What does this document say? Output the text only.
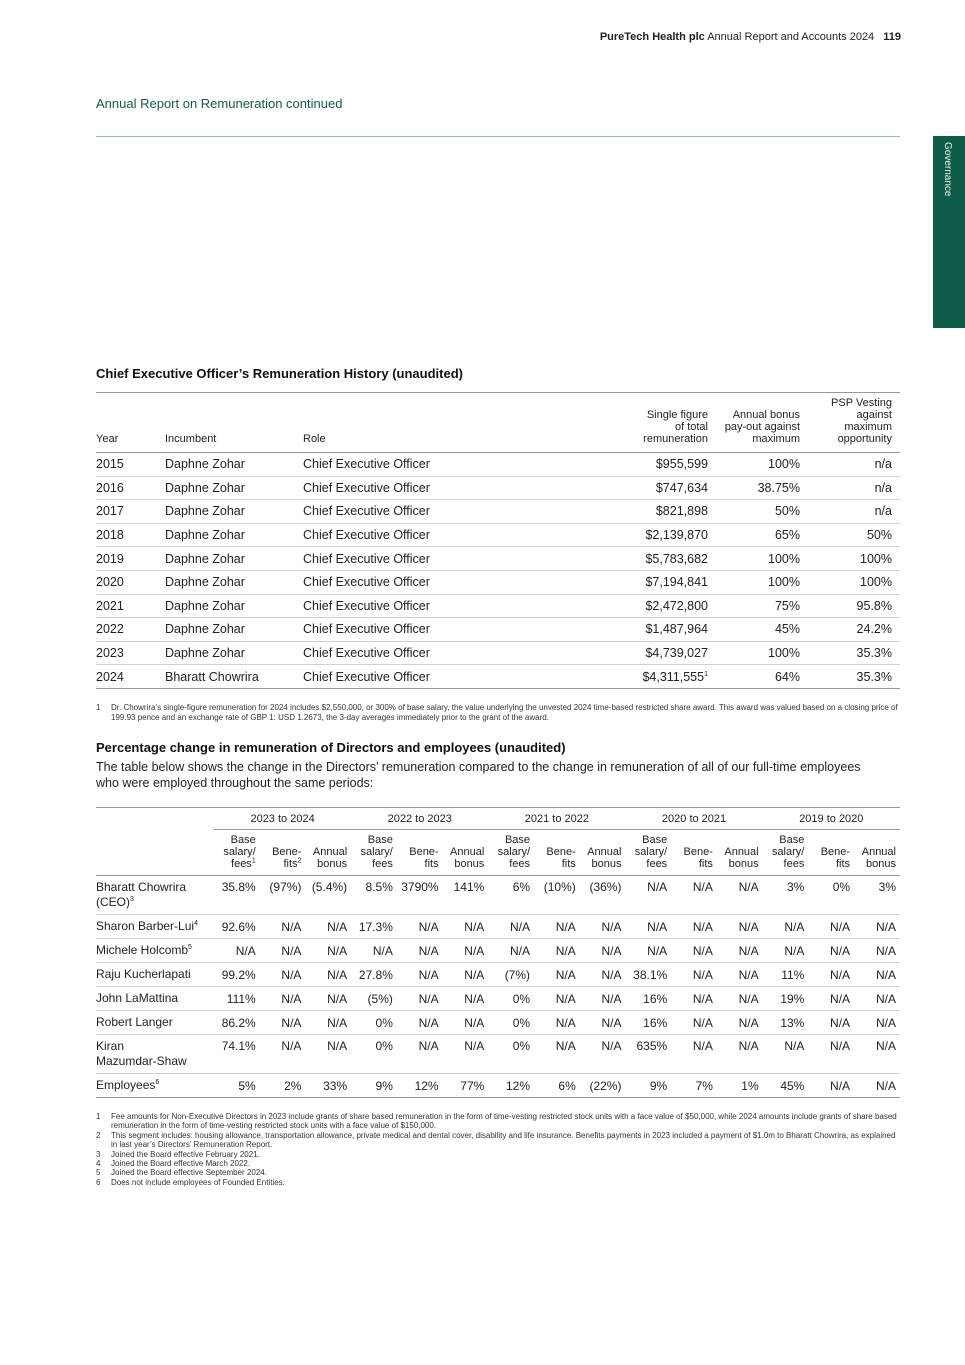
PureTech Health plc Annual Report and Accounts 2024 119
Annual Report on Remuneration continued
Governance
Chief Executive Officer’s Remuneration History (unaudited)
Year	Incumbent	Role	Single figure
of total
remuneration	Annual bonus
pay-out against
maximum	PSP Vesting
against
maximum
opportunity
2015	Daphne Zohar	Chief Executive Officer	$955,599	100%	n/a
2016	Daphne Zohar	Chief Executive Officer	$747,634	38.75%	n/a
2017	Daphne Zohar	Chief Executive Officer	$821,898	50%	n/a
2018	Daphne Zohar	Chief Executive Officer	$2,139,870	65%	50%
2019	Daphne Zohar	Chief Executive Officer	$5,783,682	100%	100%
2020	Daphne Zohar	Chief Executive Officer	$7,194,841	100%	100%
2021	Daphne Zohar	Chief Executive Officer	$2,472,800	75%	95.8%
2022	Daphne Zohar	Chief Executive Officer	$1,487,964	45%	24.2%
2023	Daphne Zohar	Chief Executive Officer	$4,739,027	100%	35.3%
2024	Bharatt Chowrira	Chief Executive Officer	$4,311,555$^1$	64%	35.3%
1	Dr. Chowrira’s single-figure remuneration for 2024 includes $2,550,000, or 300% of base salary, the value underlying the unvested 2024 time-based restricted share award. This award was valued based on a closing price of 199.93 pence and an exchange rate of GBP 1: USD 1.2673, the 3-day averages immediately prior to the grant of the award.
Percentage change in remuneration of Directors and employees (unaudited)
The table below shows the change in the Directors’ remuneration compared to the change in remuneration of all of our full-time employees who were employed throughout the same periods:
	2023 to 2024			2022 to 2023			2021 to 2022			2020 to 2021			2019 to 2020		
	Base
salary/
fees$^1$	Bene-
fits$^2$	Annual
bonus	Base
salary/
fees	Bene-
fits	Annual
bonus	Base
salary/
fees	Bene-
fits	Annual
bonus	Base
salary/
fees	Bene-
fits	Annual
bonus	Base
salary/
fees	Bene-
fits	Annual
bonus
Bharatt Chowrira
(CEO)$^3$	35.8%	(97%)	(5.4%)	8.5%	3790%	141%	6%	(10%)	(36%)	N/A	N/A	N/A	3%	0%	3%
Sharon Barber-Lui$^4$	92.6%	N/A	N/A	17.3%	N/A	N/A	N/A	N/A	N/A	N/A	N/A	N/A	N/A	N/A	N/A
Michele Holcomb$^5$	N/A	N/A	N/A	N/A	N/A	N/A	N/A	N/A	N/A	N/A	N/A	N/A	N/A	N/A	N/A
Raju Kucherlapati	99.2%	N/A	N/A	27.8%	N/A	N/A	(7%)	N/A	N/A	38.1%	N/A	N/A	11%	N/A	N/A
John LaMattina	111%	N/A	N/A	(5%)	N/A	N/A	0%	N/A	N/A	16%	N/A	N/A	19%	N/A	N/A
Robert Langer	86.2%	N/A	N/A	0%	N/A	N/A	0%	N/A	N/A	16%	N/A	N/A	13%	N/A	N/A
Kiran
Mazumdar-Shaw	74.1%	N/A	N/A	0%	N/A	N/A	0%	N/A	N/A	635%	N/A	N/A	N/A	N/A	N/A
Employees$^6$	5%	2%	33%	9%	12%	77%	12%	6%	(22%)	9%	7%	1%	45%	N/A	N/A
1 Fee amounts for Non-Executive Directors in 2023 include grants of share based remuneration in the form of time-vesting restricted stock units with a face value of $50,000, while 2024 amounts include grants of share based remuneration in the form of time-vesting restricted stock units with a face value of $150,000.
2 This segment includes: housing allowance, transportation allowance, private medical and dental cover, disability and life insurance. Benefits payments in 2023 included a payment of $1.0m to Bharatt Chowrira, as explained in last year’s Directors’ Remuneration Report.
3 Joined the Board effective February 2021.
4 Joined the Board effective March 2022.
5 Joined the Board effective September 2024.
6 Does not include employees of Founded Entities.
